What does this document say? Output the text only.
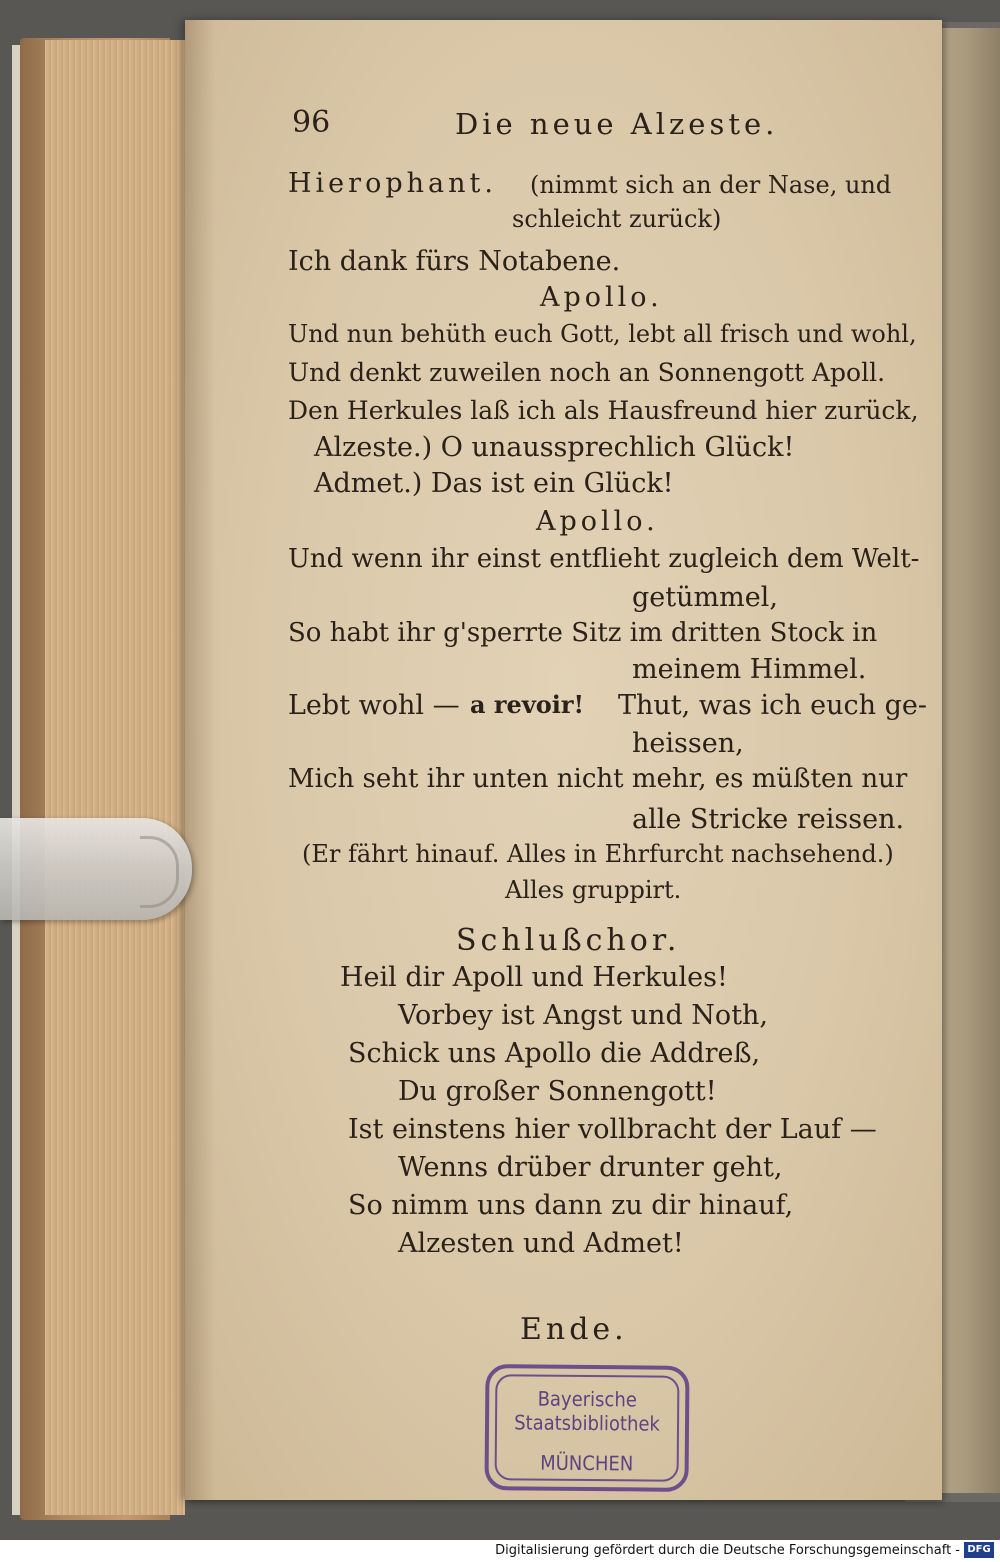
96	Die neue Alzeste.
Hierophant. (nimmt sich an der Nase, und
schleicht zurück)
Ich dank fürs Notabene.
Apollo.
Und nun behüth euch Gott, lebt all frisch und wohl,
Und denkt zuweilen noch an Sonnengott Apoll.
Den Herkules laß ich als Hausfreund hier zurück,
Alzeste.) O unaussprechlich Glück!
Admet.) Das ist ein Glück!
Apollo.
Und wenn ihr einst entflieht zugleich dem Welt-
getümmel,
So habt ihr g'sperrte Sitz im dritten Stock in
meinem Himmel.
Lebt wohl — a revoir! Thut, was ich euch ge-
heissen,
Mich seht ihr unten nicht mehr, es müßten nur
alle Stricke reissen.
(Er fährt hinauf. Alles in Ehrfurcht nachsehend.)
Alles gruppirt.
Schlußchor.
Heil dir Apoll und Herkules!
Vorbey ist Angst und Noth,
Schick uns Apollo die Addreß,
Du großer Sonnengott!
Ist einstens hier vollbracht der Lauf —
Wenns drüber drunter geht,
So nimm uns dann zu dir hinauf,
Alzesten und Admet!
Ende.
Bayerische
Staatsbibliothek
MÜNCHEN
Digitalisierung gefördert durch die Deutsche Forschungsgemeinschaft - DFG
